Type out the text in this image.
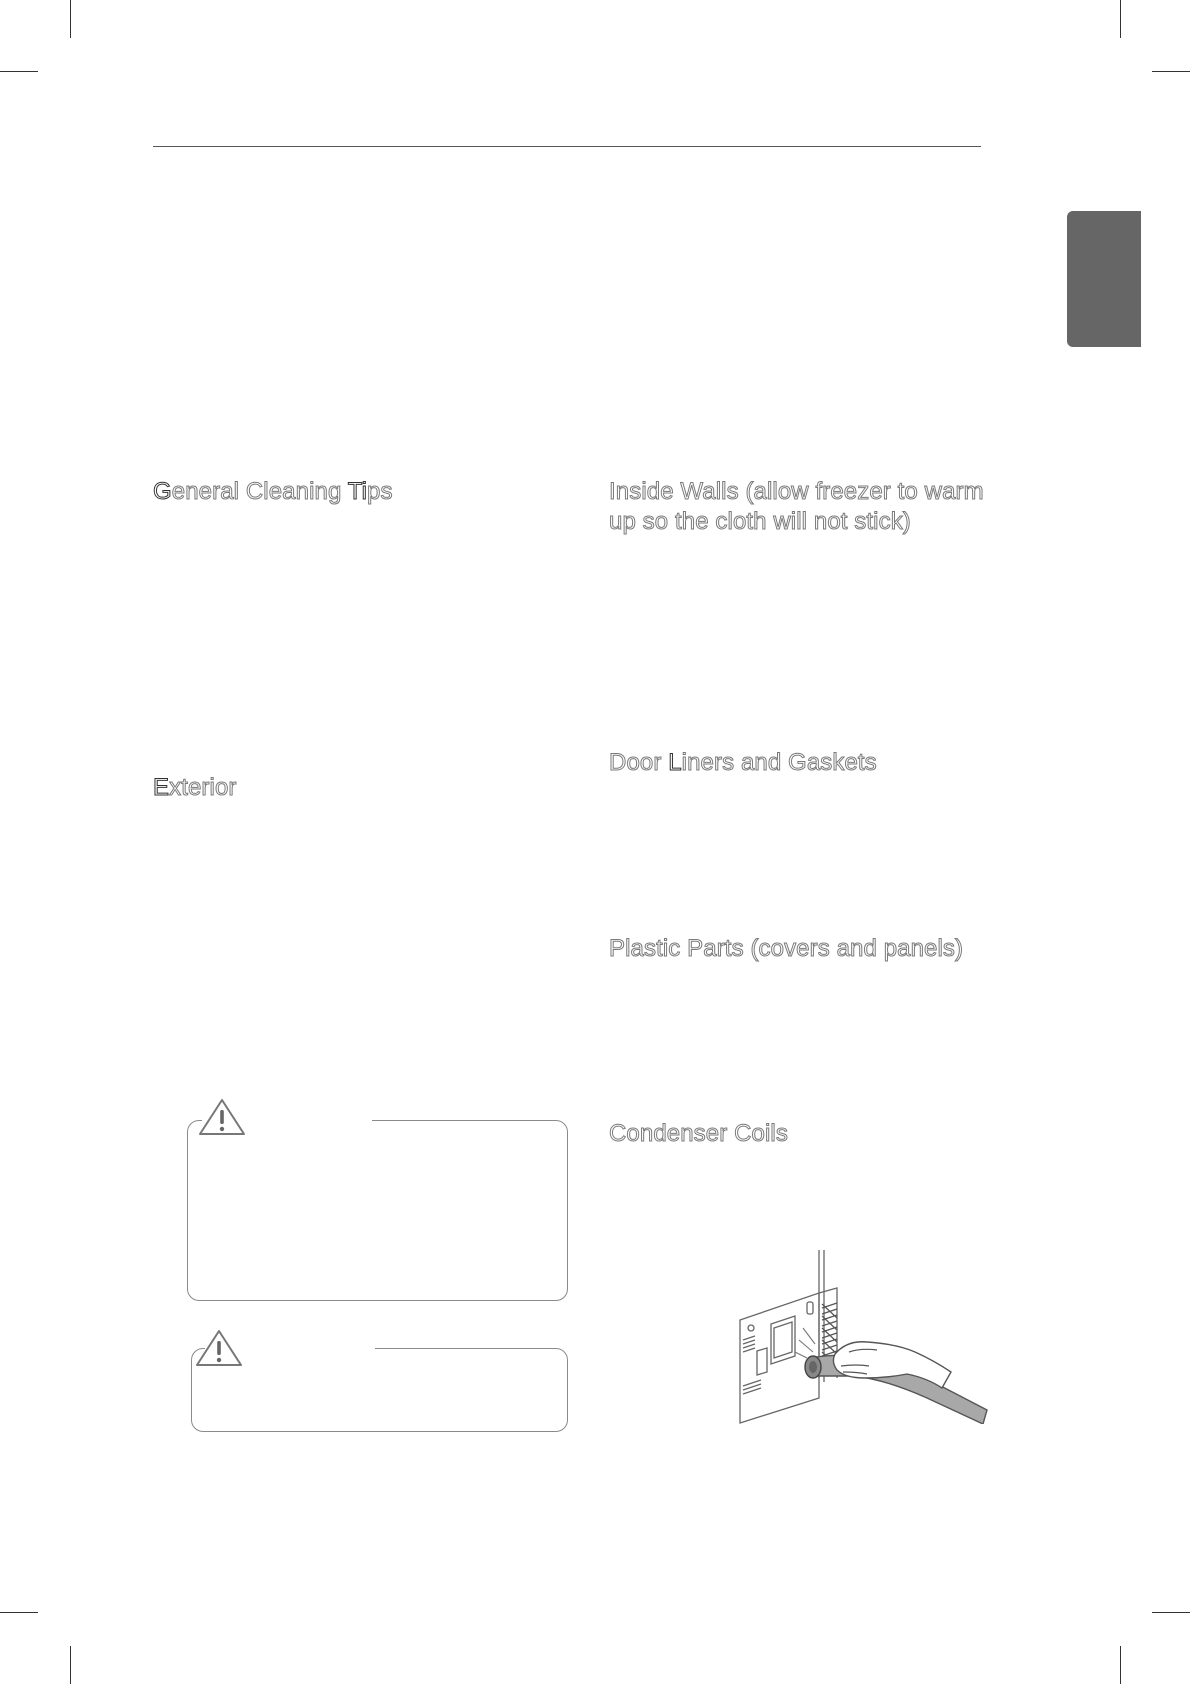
General Cleaning Tips
Exterior
Inside Walls (allow freezer to warm
up so the cloth will not stick)
Door Liners and Gaskets
Plastic Parts (covers and panels)
Condenser Coils
